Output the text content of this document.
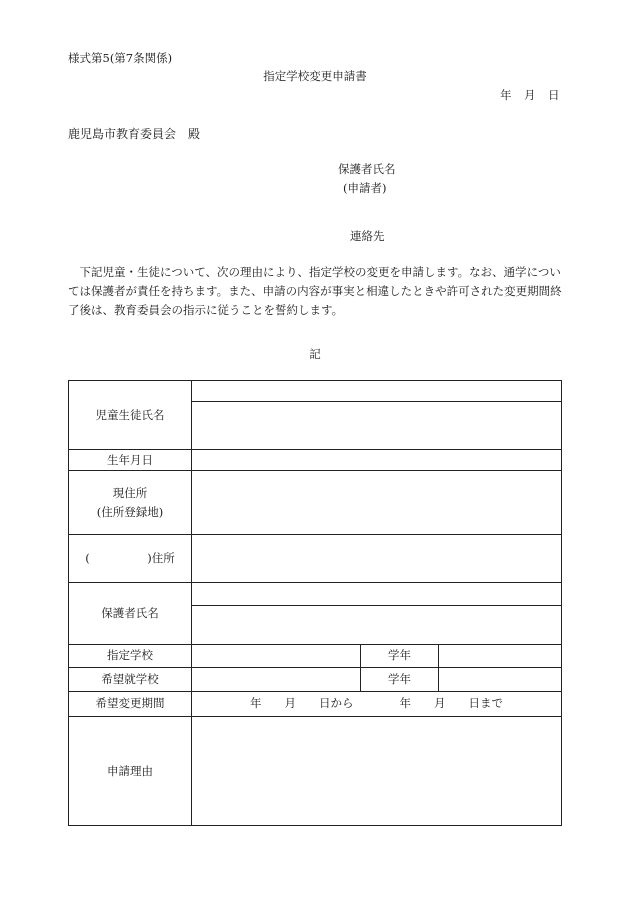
様式第5(第7条関係)
指定学校変更申請書
年　月　日
鹿児島市教育委員会　殿
保護者氏名
(申請者)
連絡先
　下記児童・生徒について、次の理由により、指定学校の変更を申請します。なお、通学については保護者が責任を持ちます。また、申請の内容が事実と相違したときや許可された変更期間終了後は、教育委員会の指示に従うことを誓約します。
記
児童生徒氏名
生年月日
現住所
(住所登録地)
(　　　　　)住所
保護者氏名
指定学校
希望就学校
希望変更期間
申請理由
学年
学年
年　　月　　日から　　　　年　　月　　日まで
